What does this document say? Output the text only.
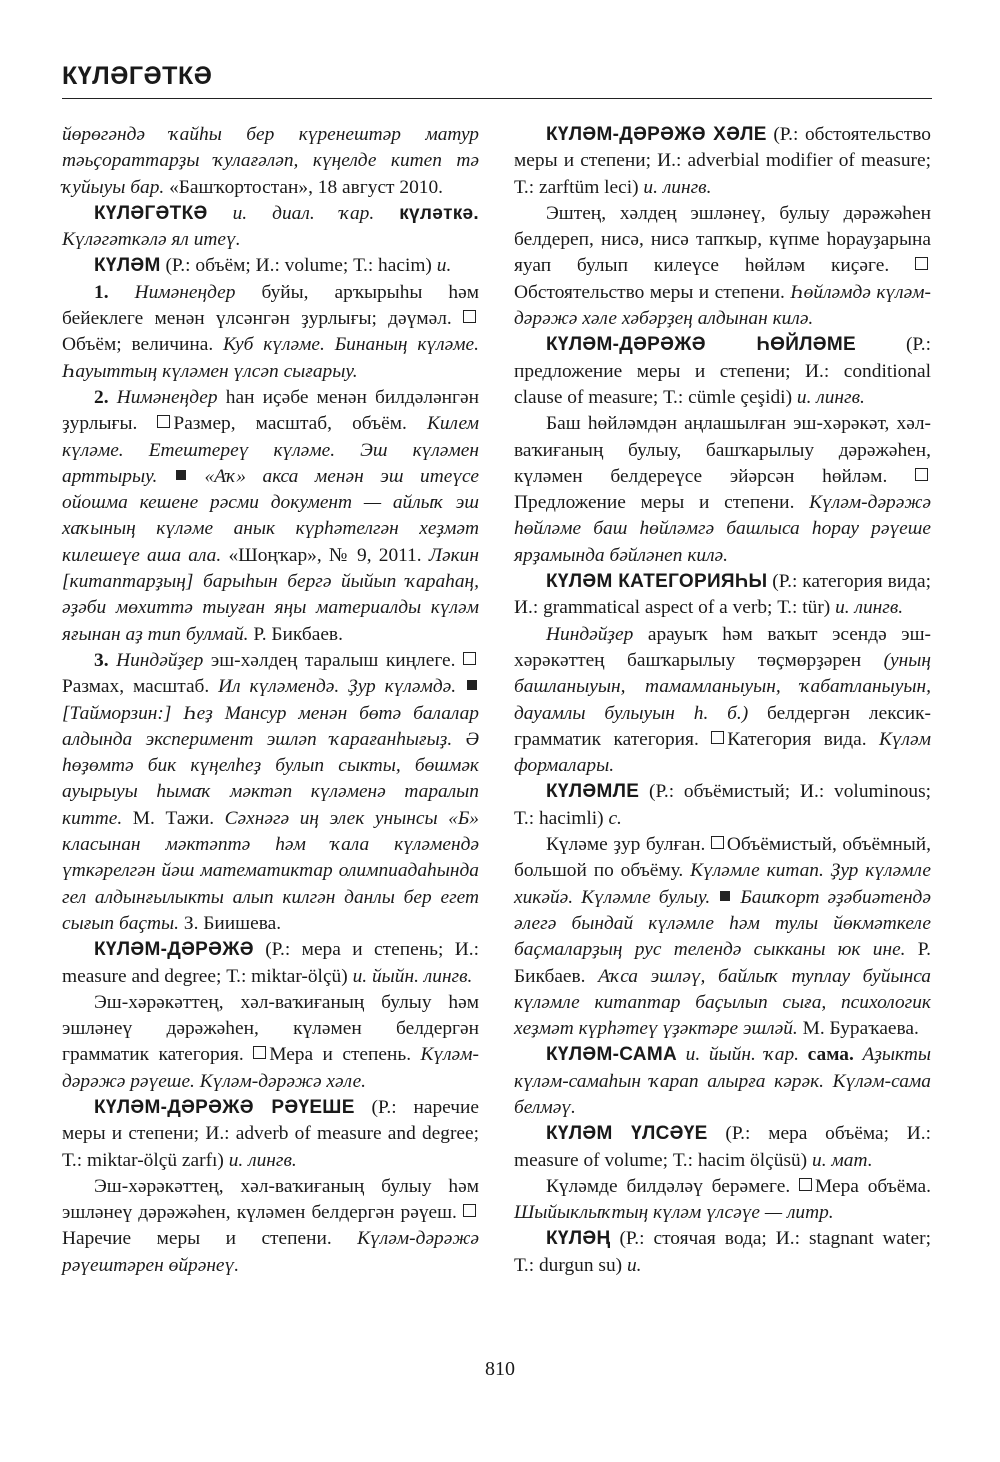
КҮЛӘГӘТКӘ

йөрөгәндә ҡайһы бер күренештәр матур тәьҫораттарҙы ҡулағәләп, күңелде китеп тә ҡуйыуы бар. «Башҡортостан», 18 август 2010.

КҮЛӘГӘТКӘ и. диал. ҡар. күләткә. Күләгәткәлә ял итеү.

КҮЛӘМ (Р.: объём; И.: volume; Т.: hacim) и.

1. Нимәнеңдер буйы, арҡырыһы һәм бейеклеге менән үлсәнгән ҙурлығы; дәүмәл. Объём; величина. Куб күләме. Бинаның күләме. Һауыттың күләмен үлсәп сығарыу.

2. Нимәнеңдер һан иҫәбе менән билдәләнгән ҙурлығы. Размер, масштаб, объём. Килем күләме. Етештереү күләме. Эш күләмен арттырыу.  «Аҡ» акса менән эш итеүсе ойошма кешене рәсми документ — айлыҡ эш хаҡының күләме анык күрһәтелгән хеҙмәт килешеүе аша ала. «Шоңҡар», № 9, 2011. Ләкин [китаптарҙың] барыһын бергә йыйып ҡараһаң, әҙәби мөхиттә тыуған яңы материалды күләм яғынан аҙ тип булмай. Р. Бикбаев.

3. Ниндәйҙер эш-хәлдең таралыш киңлеге. Размах, масштаб. Ил күләмендә. Ҙур күләмдә.  [Тайморзин:] Һеҙ Мансур менән бөтә балалар алдында эксперимент эшләп ҡарағанһығыҙ. Ә һөҙөмтә бик күңелһеҙ булып сыкты, бөшмәк ауырыуы һымаҡ мәктәп күләменә таралып китте. М. Тажи. Сәхнәгә иң элек унынсы «Б» класынан мәктәптә һәм ҡала күләмендә үткәрелгән йәш математиктар олимпиадаһында гел алдынғылыкты алып килгән данлы бер егет сығып баҫты. З. Биишева.

КҮЛӘМ-ДӘРӘЖӘ (Р.: мера и степень; И.: measure and degree; Т.: miktar-ölçü) и. йыйн. лингв.

Эш-хәрәкәттең, хәл-ваҡиғаның булыу һәм эшләнеү дәрәжәһен, күләмен белдергән грамматик категория. Мера и степень. Күләм-дәрәжә рәүеше. Күләм-дәрәжә хәле.

КҮЛӘМ-ДӘРӘЖӘ РӘҮЕШЕ (Р.: наречие меры и степени; И.: adverb of measure and degree; Т.: miktar-ölçü zarfı) и. лингв.

Эш-хәрәкәттең, хәл-ваҡиғаның булыу һәм эшләнеү дәрәжәһен, күләмен белдергән рәүеш. Наречие меры и степени. Күләм-дәрәжә рәүештәрен өйрәнеү.

КҮЛӘМ-ДӘРӘЖӘ ХӘЛЕ (Р.: обстоятельство меры и степени; И.: adverbial modifier of measure; Т.: zarftüm leci) и. лингв.

Эштең, хәлдең эшләнеү, булыу дәрәжәһен белдереп, нисә, нисә тапҡыр, күпме һорауҙарына яуап булып килеүсе һөйләм киҫәге. Обстоятельство меры и степени. Һөйләмдә күләм-дәрәжә хәле хәбәрҙең алдынан килә.

КҮЛӘМ-ДӘРӘЖӘ ҺӨЙЛӘМЕ (Р.: предложение меры и степени; И.: conditional clause of measure; Т.: cümle çeşidi) и. лингв.

Баш һөйләмдән аңлашылған эш-хәрәкәт, хәл-ваҡиғаның булыу, башҡарылыу дәрәжәһен, күләмен белдереүсе эйәрсән һөйләм. Предложение меры и степени. Күләм-дәрәжә һөйләме баш һөйләмгә башлыса һорау рәүеше ярҙамында бәйләнеп килә.

КҮЛӘМ КАТЕГОРИЯҺЫ (Р.: категория вида; И.: grammatical aspect of a verb; Т.: tür) и. лингв.

Ниндәйҙер арауыҡ һәм ваҡыт эсендә эш-хәрәкәттең башҡарылыу төҫмөрҙәрен (уның башланыуын, тамамланыуын, ҡабатланыуын, дауамлы булыуын h. б.) белдергән лексик-грамматик категория. Категория вида. Күләм формалары.

КҮЛӘМЛЕ (Р.: объёмистый; И.: voluminous; Т.: hacimli) с.

Күләме ҙур булған. Объёмистый, объёмный, большой по объёму. Күләмле китап. Ҙур күләмле хикәйә. Күләмле булыу.  Башҡорт әҙәбиәтендә әлегә бындай күләмле һәм тулы йөкмәткеле баҫмаларҙың рус телендә сыкканы юк ине. Р. Бикбаев. Аҡса эшләү, байлыҡ туплау буйынса күләмле китаптар баҫылып сыға, психологик хеҙмәт күрһәтеү үҙәктәре эшләй. М. Бураҡаева.

КҮЛӘМ-САМА и. йыйн. ҡар. сама. Аҙыкты күләм-самаһын ҡарап алырға кәрәк. Күләм-сама белмәү.

КҮЛӘМ ҮЛСӘҮЕ (Р.: мера объёма; И.: measure of volume; Т.: hacim ölçüsü) и. мат.

Күләмде билдәләү берәмеге. Мера объёма. Шыйыклыҡтың күләм үлсәүе — литр.

КҮЛӘҢ (Р.: стоячая вода; И.: stagnant water; Т.: durgun su) и.

810
